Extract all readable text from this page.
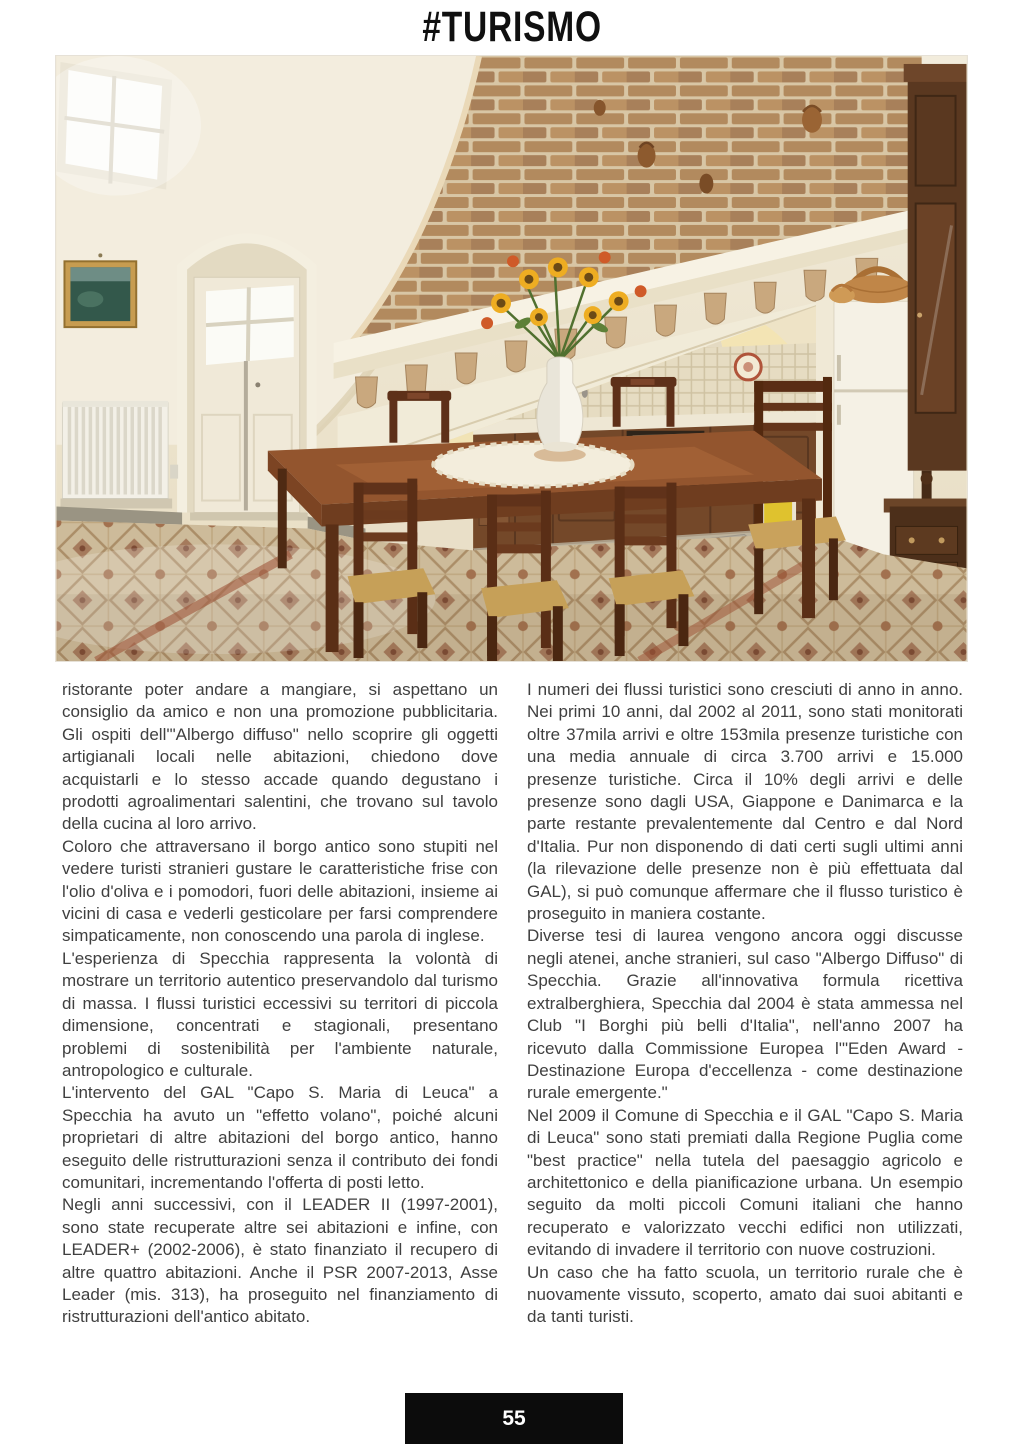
#TURISMO

ristorante poter andare a mangiare, si aspettano un consiglio da amico e non una promozione pubblicitaria. Gli ospiti dell'"Albergo diffuso" nello scoprire gli oggetti artigianali locali nelle abitazioni, chiedono dove acquistarli e lo stesso accade quando degustano i prodotti agroalimentari salentini, che trovano sul tavolo della cucina al loro arrivo.

Coloro che attraversano il borgo antico sono stupiti nel vedere turisti stranieri gustare le caratteristiche frise con l'olio d'oliva e i pomodori, fuori delle abitazioni, insieme ai vicini di casa e vederli gesticolare per farsi comprendere simpaticamente, non conoscendo una parola di inglese.

L'esperienza di Specchia rappresenta la volontà di mostrare un territorio autentico preservandolo dal turismo di massa. I flussi turistici eccessivi su territori di piccola dimensione, concentrati e stagionali, presentano problemi di sostenibilità per l'ambiente naturale, antropologico e culturale.

L'intervento del GAL "Capo S. Maria di Leuca" a Specchia ha avuto un "effetto volano", poiché alcuni proprietari di altre abitazioni del borgo antico, hanno eseguito delle ristrutturazioni senza il contributo dei fondi comunitari, incrementando l'offerta di posti letto.

Negli anni successivi, con il LEADER II (1997-2001), sono state recuperate altre sei abitazioni e infine, con LEADER+ (2002-2006), è stato finanziato il recupero di altre quattro abitazioni. Anche il PSR 2007-2013, Asse Leader (mis. 313), ha proseguito nel finanziamento di ristrutturazioni dell'antico abitato.

I numeri dei flussi turistici sono cresciuti di anno in anno. Nei primi 10 anni, dal 2002 al 2011, sono stati monitorati oltre 37mila arrivi e oltre 153mila presenze turistiche con una media annuale di circa 3.700 arrivi e 15.000 presenze turistiche. Circa il 10% degli arrivi e delle presenze sono dagli USA, Giappone e Danimarca e la parte restante prevalentemente dal Centro e dal Nord d'Italia. Pur non disponendo di dati certi sugli ultimi anni (la rilevazione delle presenze non è più effettuata dal GAL), si può comunque affermare che il flusso turistico è proseguito in maniera costante.

Diverse tesi di laurea vengono ancora oggi discusse negli atenei, anche stranieri, sul caso "Albergo Diffuso" di Specchia. Grazie all'innovativa formula ricettiva extralberghiera, Specchia dal 2004 è stata ammessa nel Club "I Borghi più belli d'Italia", nell'anno 2007 ha ricevuto dalla Commissione Europea l'"Eden Award - Destinazione Europa d'eccellenza - come destinazione rurale emergente."

Nel 2009 il Comune di Specchia e il GAL "Capo S. Maria di Leuca" sono stati premiati dalla Regione Puglia come "best practice" nella tutela del paesaggio agricolo e architettonico e della pianificazione urbana. Un esempio seguito da molti piccoli Comuni italiani che hanno recuperato e valorizzato vecchi edifici non utilizzati, evitando di invadere il territorio con nuove costruzioni.

Un caso che ha fatto scuola, un territorio rurale che è nuovamente vissuto, scoperto, amato dai suoi abitanti e da tanti turisti.

55
